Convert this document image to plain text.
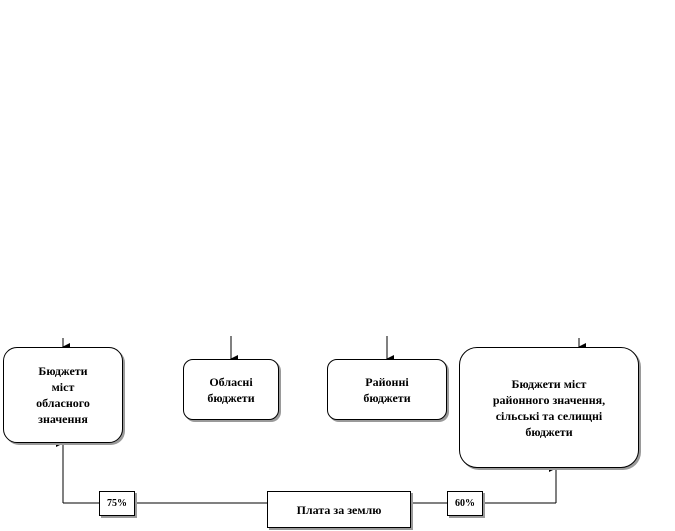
Бюджети
міст
обласного
значення
Обласні
бюджети
Районні
бюджети
Бюджети міст
районного значення,
сільські та селищні
бюджети
75%	Плата за землю	60%
